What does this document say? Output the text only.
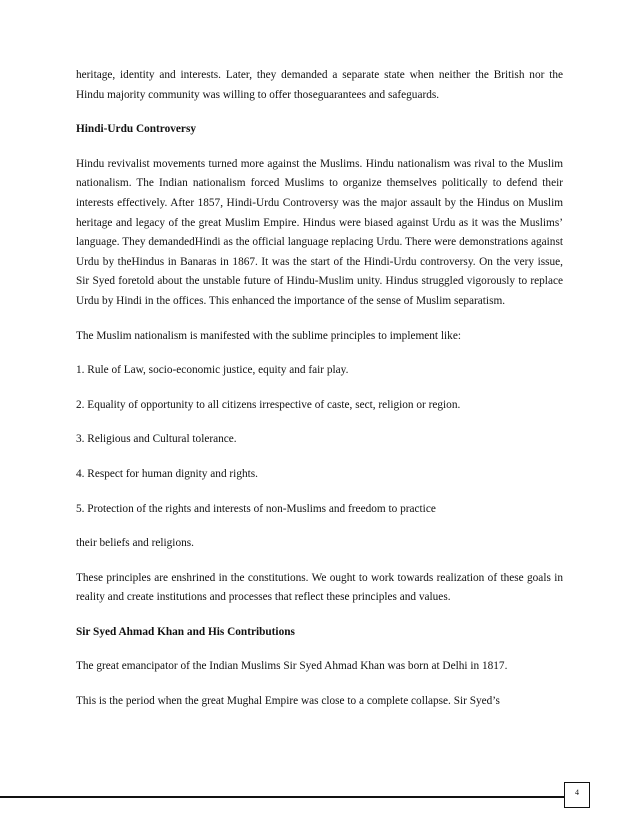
heritage, identity and interests. Later, they demanded a separate state when neither the British nor the Hindu majority community was willing to offer thoseguarantees and safeguards.

Hindi-Urdu Controversy

Hindu revivalist movements turned more against the Muslims. Hindu nationalism was rival to the Muslim nationalism. The Indian nationalism forced Muslims to organize themselves politically to defend their interests effectively. After 1857, Hindi-Urdu Controversy was the major assault by the Hindus on Muslim heritage and legacy of the great Muslim Empire. Hindus were biased against Urdu as it was the Muslims’ language. They demandedHindi as the official language replacing Urdu. There were demonstrations against Urdu by theHindus in Banaras in 1867. It was the start of the Hindi-Urdu controversy. On the very issue, Sir Syed foretold about the unstable future of Hindu-Muslim unity. Hindus struggled vigorously to replace Urdu by Hindi in the offices. This enhanced the importance of the sense of Muslim separatism.

The Muslim nationalism is manifested with the sublime principles to implement like:

1. Rule of Law, socio-economic justice, equity and fair play.

2. Equality of opportunity to all citizens irrespective of caste, sect, religion or region.

3. Religious and Cultural tolerance.

4. Respect for human dignity and rights.

5. Protection of the rights and interests of non-Muslims and freedom to practice

their beliefs and religions.

These principles are enshrined in the constitutions. We ought to work towards realization of these goals in reality and create institutions and processes that reflect these principles and values.

Sir Syed Ahmad Khan and His Contributions

The great emancipator of the Indian Muslims Sir Syed Ahmad Khan was born at Delhi in 1817.

This is the period when the great Mughal Empire was close to a complete collapse. Sir Syed’s

4
